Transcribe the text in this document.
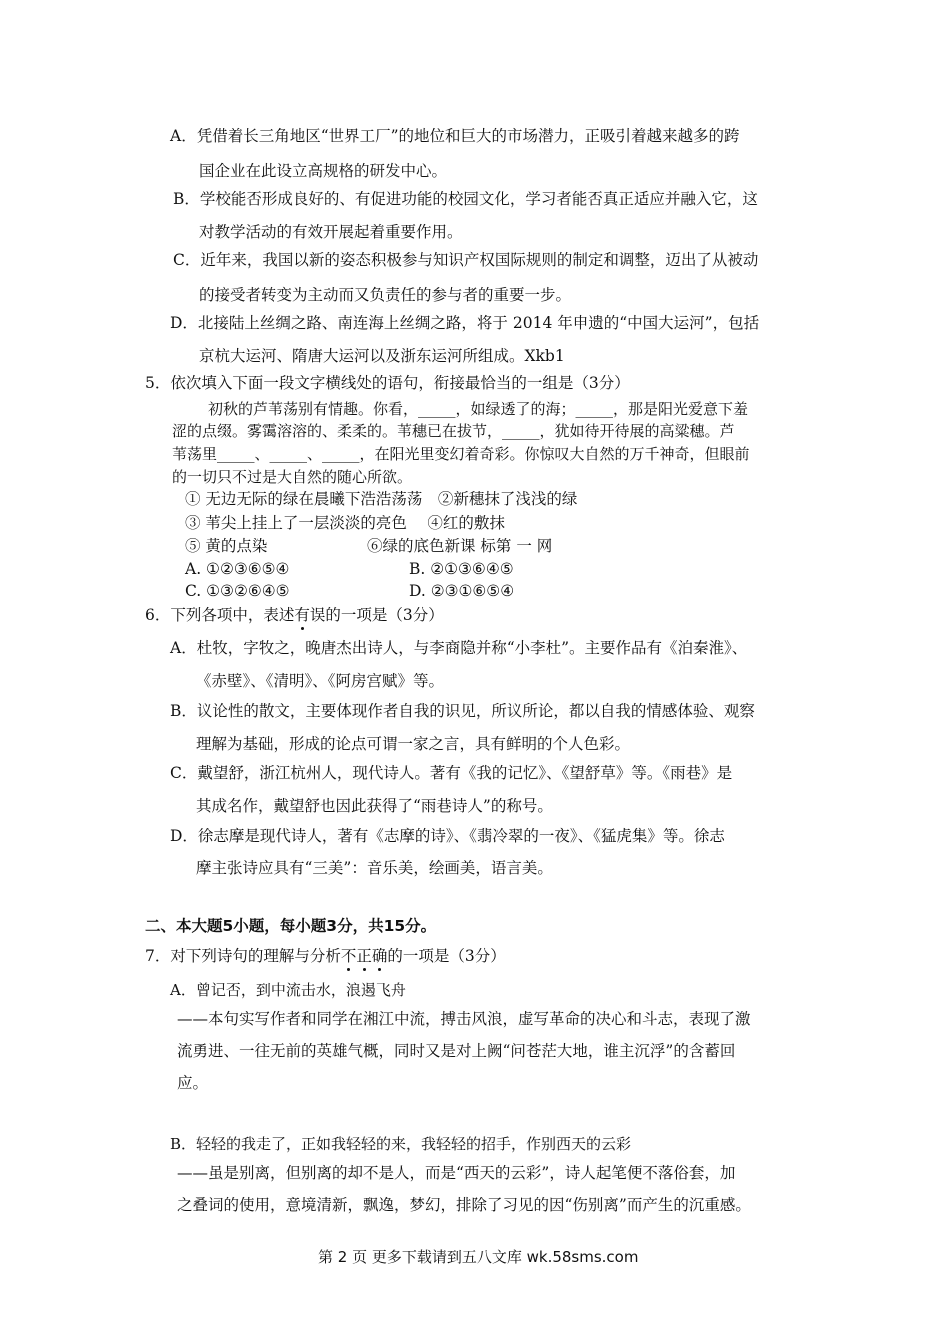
A．凭借着长三角地区“世界工厂”的地位和巨大的市场潜力，正吸引着越来越多的跨
国企业在此设立高规格的研发中心。
B．学校能否形成良好的、有促进功能的校园文化，学习者能否真正适应并融入它，这
对教学活动的有效开展起着重要作用。
C．近年来，我国以新的姿态积极参与知识产权国际规则的制定和调整，迈出了从被动
的接受者转变为主动而又负责任的参与者的重要一步。
D．北接陆上丝绸之路、南连海上丝绸之路，将于 2014 年申遗的“中国大运河”，包括
京杭大运河、隋唐大运河以及浙东运河所组成。Xkb1
5．依次填入下面一段文字横线处的语句，衔接最恰当的一组是（3分）
初秋的芦苇荡别有情趣。你看，_____，如绿透了的海；_____，那是阳光爱意下羞
涩的点缀。雾霭溶溶的、柔柔的。苇穗已在拔节，_____，犹如待开待展的高粱穗。芦
苇荡里_____、_____、_____，在阳光里变幻着奇彩。你惊叹大自然的万千神奇，但眼前
的一切只不过是大自然的随心所欲。
① 无边无际的绿在晨曦下浩浩荡荡　②新穗抹了浅浅的绿
③ 苇尖上挂上了一层淡淡的亮色　 ④红的敷抹
⑤ 黄的点染	⑥绿的底色新课 标第 一 网
A. ①②③⑥⑤④	B. ②①③⑥④⑤
C. ①③②⑥④⑤	D. ②③①⑥⑤④
6．下列各项中，表述有误的一项是（3分）
A．杜牧，字牧之，晚唐杰出诗人，与李商隐并称“小李杜”。主要作品有《泊秦淮》、
《赤壁》、《清明》、《阿房宫赋》等。
B．议论性的散文，主要体现作者自我的识见，所议所论，都以自我的情感体验、观察
理解为基础，形成的论点可谓一家之言，具有鲜明的个人色彩。
C．戴望舒，浙江杭州人，现代诗人。著有《我的记忆》、《望舒草》等。《雨巷》是
其成名作，戴望舒也因此获得了“雨巷诗人”的称号。
D．徐志摩是现代诗人，著有《志摩的诗》、《翡冷翠的一夜》、《猛虎集》等。徐志
摩主张诗应具有“三美”：音乐美，绘画美，语言美。
二、本大题5小题，每小题3分，共15分。
7．对下列诗句的理解与分析不正确的一项是（3分）
A．曾记否，到中流击水，浪遏飞舟
——本句实写作者和同学在湘江中流，搏击风浪，虚写革命的决心和斗志，表现了激
流勇进、一往无前的英雄气概，同时又是对上阙“问苍茫大地，谁主沉浮”的含蓄回
应。
B．轻轻的我走了，正如我轻轻的来，我轻轻的招手，作别西天的云彩
——虽是别离，但别离的却不是人，而是“西天的云彩”，诗人起笔便不落俗套，加
之叠词的使用，意境清新，飘逸，梦幻，排除了习见的因“伤别离”而产生的沉重感。
第 2 页 更多下载请到五八文库 wk.58sms.com
